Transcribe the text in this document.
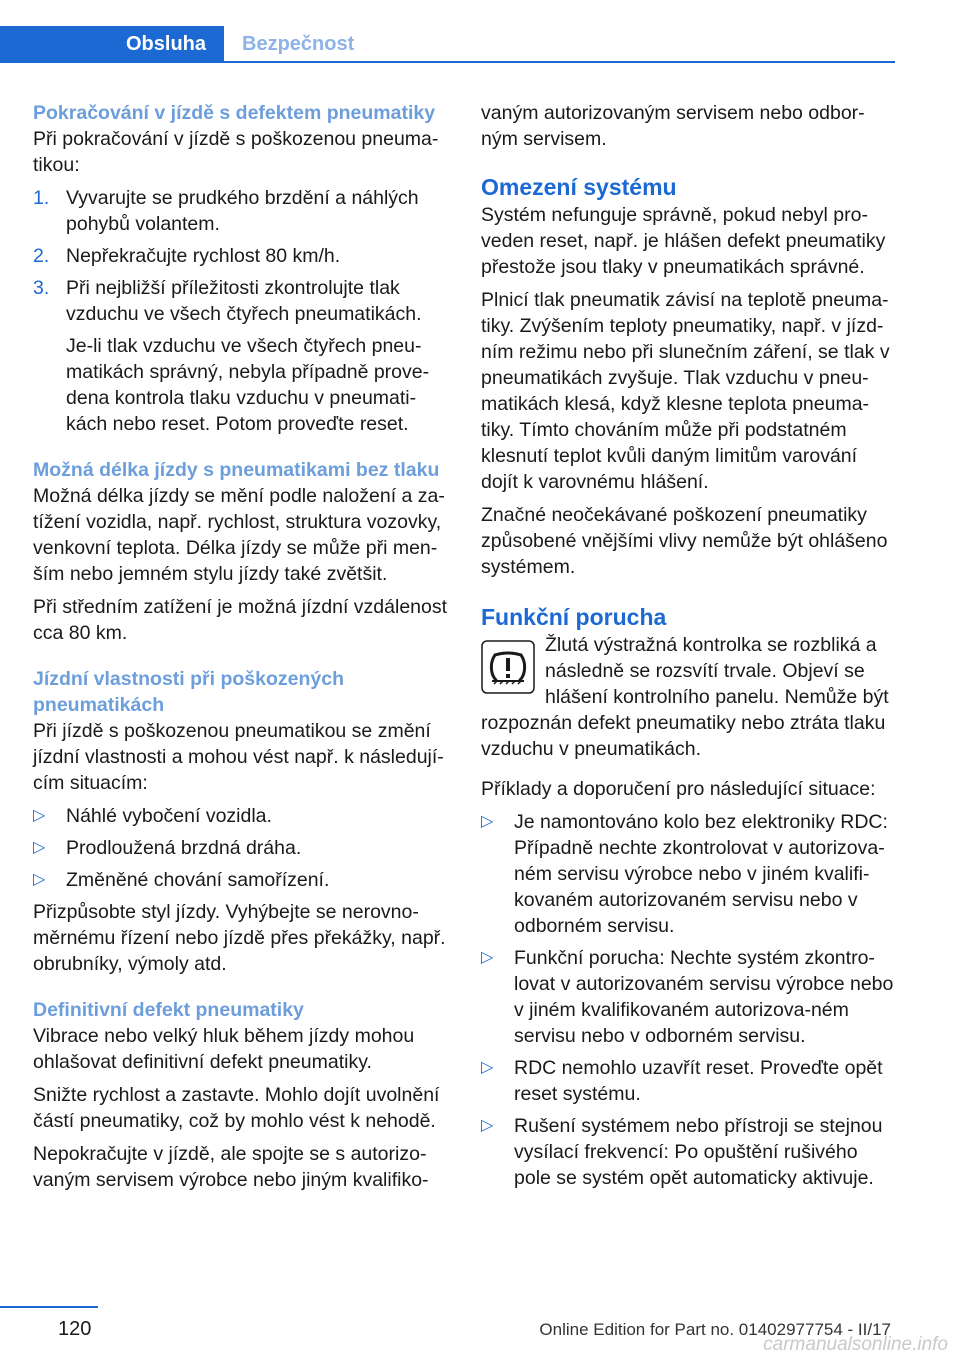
Obsluha	Bezpečnost
Pokračování v jízdě s defektem pneumatiky

Při pokračování v jízdě s poškozenou pneuma-tikou:

1. Vyvarujte se prudkého brzdění a náhlých pohybů volantem.
2. Nepřekračujte rychlost 80 km/h.
3. Při nejbližší příležitosti zkontrolujte tlak vzduchu ve všech čtyřech pneumatikách.
Je-li tlak vzduchu ve všech čtyřech pneu-matikách správný, nebyla případně prove-dena kontrola tlaku vzduchu v pneumati-kách nebo reset. Potom proveďte reset.
Možná délka jízdy s pneumatikami bez tlaku

Možná délka jízdy se mění podle naložení a za-tížení vozidla, např. rychlost, struktura vozovky, venkovní teplota. Délka jízdy se může při men-ším nebo jemném stylu jízdy také zvětšit.

Při středním zatížení je možná jízdní vzdálenost cca 80 km.

Jízdní vlastnosti při poškozených pneumatikách

Při jízdě s poškozenou pneumatikou se změní jízdní vlastnosti a mohou vést např. k následují-cím situacím:

▷ Náhlé vybočení vozidla.
▷ Prodloužená brzdná dráha.
▷ Změněné chování samořízení.

Přizpůsobte styl jízdy. Vyhýbejte se nerovno-měrnému řízení nebo jízdě přes překážky, např. obrubníky, výmoly atd.

Definitivní defekt pneumatiky

Vibrace nebo velký hluk během jízdy mohou ohlašovat definitivní defekt pneumatiky.

Snižte rychlost a zastavte. Mohlo dojít uvolnění částí pneumatiky, což by mohlo vést k nehodě.

Nepokračujte v jízdě, ale spojte se s autorizo-vaným servisem výrobce nebo jiným kvalifiko-

vaným autorizovaným servisem nebo odbor-ným servisem.

Omezení systému

Systém nefunguje správně, pokud nebyl pro-veden reset, např. je hlášen defekt pneumatiky přestože jsou tlaky v pneumatikách správné.

Plnicí tlak pneumatik závisí na teplotě pneuma-tiky. Zvýšením teploty pneumatiky, např. v jízd-ním režimu nebo při slunečním záření, se tlak v pneumatikách zvyšuje. Tlak vzduchu v pneu-matikách klesá, když klesne teplota pneuma-tiky. Tímto chováním může při podstatném klesnutí teplot kvůli daným limitům varování dojít k varovnému hlášení.

Značné neočekávané poškození pneumatiky způsobené vnějšími vlivy nemůže být ohlášeno systémem.

Funkční porucha

Žlutá výstražná kontrolka se rozbliká a následně se rozsvítí trvale. Objeví se hlášení kontrolního panelu. Nemůže být rozpoznán defekt pneumatiky nebo ztráta tlaku vzduchu v pneumatikách.

Příklady a doporučení pro následující situace:

▷ Je namontováno kolo bez elektroniky RDC: Případně nechte zkontrolovat v autorizova-ném servisu výrobce nebo v jiném kvalifi-kovaném autorizovaném servisu nebo v odborném servisu.
▷ Funkční porucha: Nechte systém zkontro-lovat v autorizovaném servisu výrobce nebo v jiném kvalifikovaném autorizova-ném servisu nebo v odborném servisu.
▷ RDC nemohlo uzavřít reset. Proveďte opět reset systému.
▷ Rušení systémem nebo přístroji se stejnou vysílací frekvencí: Po opuštění rušivého pole se systém opět automaticky aktivuje.
120	Online Edition for Part no. 01402977754 - II/17
carmanualsonline.info
